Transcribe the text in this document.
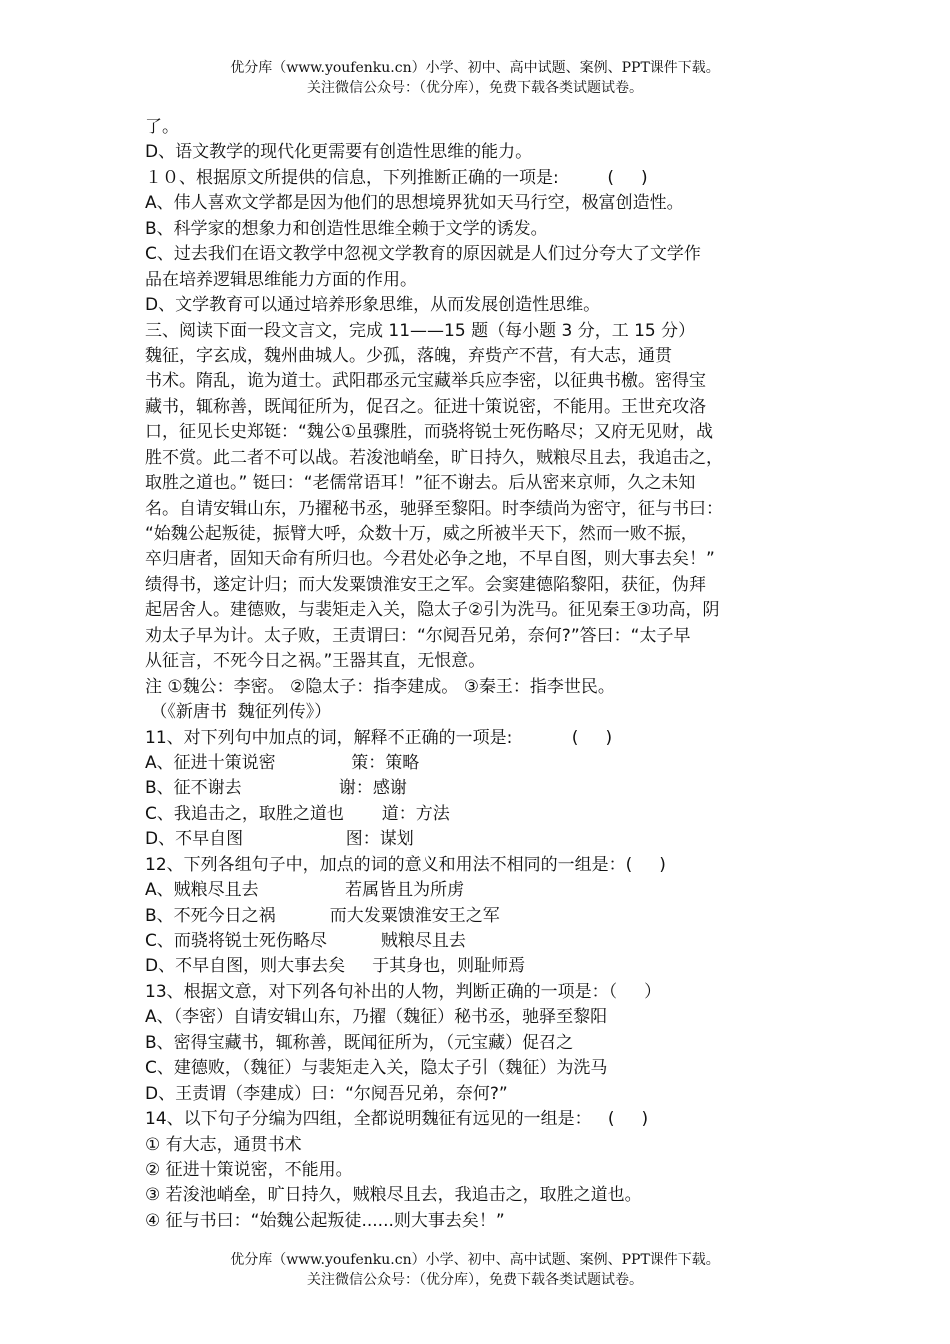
优分库（www.youfenku.cn）小学、初中、高中试题、案例、PPT课件下载。
关注微信公众号：（优分库），免费下载各类试题试卷。
了。
D、语文教学的现代化更需要有创造性思维的能力。
１０、根据原文所提供的信息，下列推断正确的一项是:         (     )
A、伟人喜欢文学都是因为他们的思想境界犹如天马行空，极富创造性。
B、科学家的想象力和创造性思维全赖于文学的诱发。
C、过去我们在语文教学中忽视文学教育的原因就是人们过分夸大了文学作
品在培养逻辑思维能力方面的作用。
D、文学教育可以通过培养形象思维，从而发展创造性思维。
三、阅读下面一段文言文，完成 11——15 题（每小题 3 分，工 15 分）
魏征，字玄成，魏州曲城人。少孤，落魄，弃赀产不营，有大志，通贯
书术。隋乱，诡为道士。武阳郡丞元宝藏举兵应李密，以征典书檄。密得宝
藏书，辄称善，既闻征所为，促召之。征进十策说密，不能用。王世充攻洛
口，征见长史郑铤：“魏公①虽骤胜，而骁将锐士死伤略尽；又府无见财，战
胜不赏。此二者不可以战。若浚池峭垒，旷日持久，贼粮尽且去，我追击之，
取胜之道也。” 铤曰：“老儒常语耳！”征不谢去。后从密来京师，久之未知
名。自请安辑山东，乃擢秘书丞，驰驿至黎阳。时李绩尚为密守，征与书曰：
“始魏公起叛徒，振臂大呼，众数十万，威之所被半天下，然而一败不振，
卒归唐者，固知天命有所归也。今君处必争之地，不早自图，则大事去矣！”
绩得书，遂定计归；而大发粟馈淮安王之军。会窦建德陷黎阳，获征，伪拜
起居舍人。建德败，与裴矩走入关，隐太子②引为洗马。征见秦王③功高，阴
劝太子早为计。太子败，王责谓曰：“尔阋吾兄弟，奈何?”答曰：“太子早
从征言，不死今日之祸。”王器其直，无恨意。
注 ①魏公：李密。 ②隐太子：指李建成。 ③秦王：指李世民。
（《新唐书  魏征列传》）
11、对下列句中加点的词，解释不正确的一项是:           (     )
A、征进十策说密              策：策略
B、征不谢去                  谢：感谢
C、我追击之，取胜之道也       道：方法
D、不早自图                   图：谋划
12、下列各组句子中，加点的词的意义和用法不相同的一组是：(     )
A、贼粮尽且去                若属皆且为所虏
B、不死今日之祸          而大发粟馈淮安王之军
C、而骁将锐士死伤略尽          贼粮尽且去
D、不早自图，则大事去矣     于其身也，则耻师焉
13、根据文意，对下列各句补出的人物，判断正确的一项是：（     ）
A、（李密）自请安辑山东，乃擢（魏征）秘书丞，驰驿至黎阳
B、密得宝藏书，辄称善，既闻征所为，（元宝藏）促召之
C、建德败，（魏征）与裴矩走入关，隐太子引（魏征）为洗马
D、王责谓（李建成）曰：“尔阋吾兄弟，奈何?”
14、以下句子分编为四组，全都说明魏征有远见的一组是：   (     )
① 有大志，通贯书术
② 征进十策说密，不能用。
③ 若浚池峭垒，旷日持久，贼粮尽且去，我追击之，取胜之道也。
④ 征与书曰：“始魏公起叛徒......则大事去矣！”
优分库（www.youfenku.cn）小学、初中、高中试题、案例、PPT课件下载。
关注微信公众号：（优分库），免费下载各类试题试卷。
